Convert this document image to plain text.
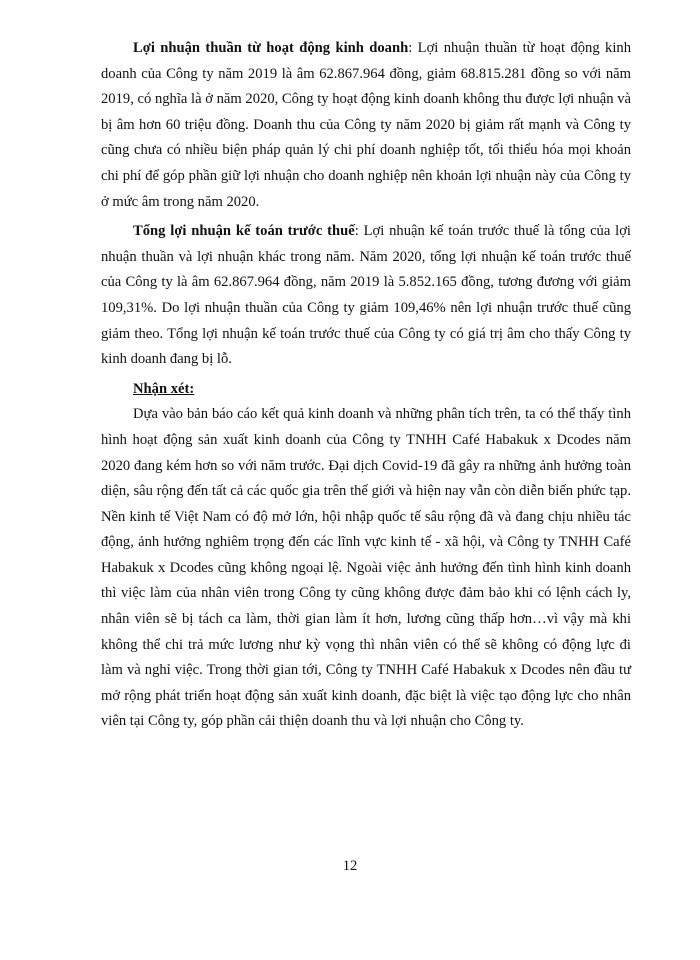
Lợi nhuận thuần từ hoạt động kinh doanh: Lợi nhuận thuần từ hoạt động kinh doanh của Công ty năm 2019 là âm 62.867.964 đồng, giảm 68.815.281 đồng so với năm 2019, có nghĩa là ở năm 2020, Công ty hoạt động kinh doanh không thu được lợi nhuận và bị âm hơn 60 triệu đồng. Doanh thu của Công ty năm 2020 bị giảm rất mạnh và Công ty cũng chưa có nhiều biện pháp quản lý chi phí doanh nghiệp tốt, tối thiểu hóa mọi khoản chi phí để góp phần giữ lợi nhuận cho doanh nghiệp nên khoản lợi nhuận này của Công ty ở mức âm trong năm 2020.

Tổng lợi nhuận kế toán trước thuế: Lợi nhuận kế toán trước thuế là tổng của lợi nhuận thuần và lợi nhuận khác trong năm. Năm 2020, tổng lợi nhuận kế toán trước thuế của Công ty là âm 62.867.964 đồng, năm 2019 là 5.852.165 đồng, tương đương với giảm 109,31%. Do lợi nhuận thuần của Công ty giảm 109,46% nên lợi nhuận trước thuế cũng giảm theo. Tổng lợi nhuận kế toán trước thuế của Công ty có giá trị âm cho thấy Công ty kinh doanh đang bị lỗ.

Nhận xét:

Dựa vào bản báo cáo kết quả kinh doanh và những phân tích trên, ta có thể thấy tình hình hoạt động sản xuất kinh doanh của Công ty TNHH Café Habakuk x Dcodes năm 2020 đang kém hơn so với năm trước. Đại dịch Covid-19 đã gây ra những ảnh hưởng toàn diện, sâu rộng đến tất cả các quốc gia trên thế giới và hiện nay vẫn còn diễn biến phức tạp. Nền kinh tế Việt Nam có độ mở lớn, hội nhập quốc tế sâu rộng đã và đang chịu nhiều tác động, ảnh hưởng nghiêm trọng đến các lĩnh vực kinh tế - xã hội, và Công ty TNHH Café Habakuk x Dcodes cũng không ngoại lệ. Ngoài việc ảnh hưởng đến tình hình kinh doanh thì việc làm của nhân viên trong Công ty cũng không được đảm bảo khi có lệnh cách ly, nhân viên sẽ bị tách ca làm, thời gian làm ít hơn, lương cũng thấp hơn…vì vậy mà khi không thể chi trả mức lương như kỳ vọng thì nhân viên có thể sẽ không có động lực đi làm và nghỉ việc. Trong thời gian tới, Công ty TNHH Café Habakuk x Dcodes nên đầu tư mở rộng phát triển hoạt động sản xuất kinh doanh, đặc biệt là việc tạo động lực cho nhân viên tại Công ty, góp phần cải thiện doanh thu và lợi nhuận cho Công ty.

12
